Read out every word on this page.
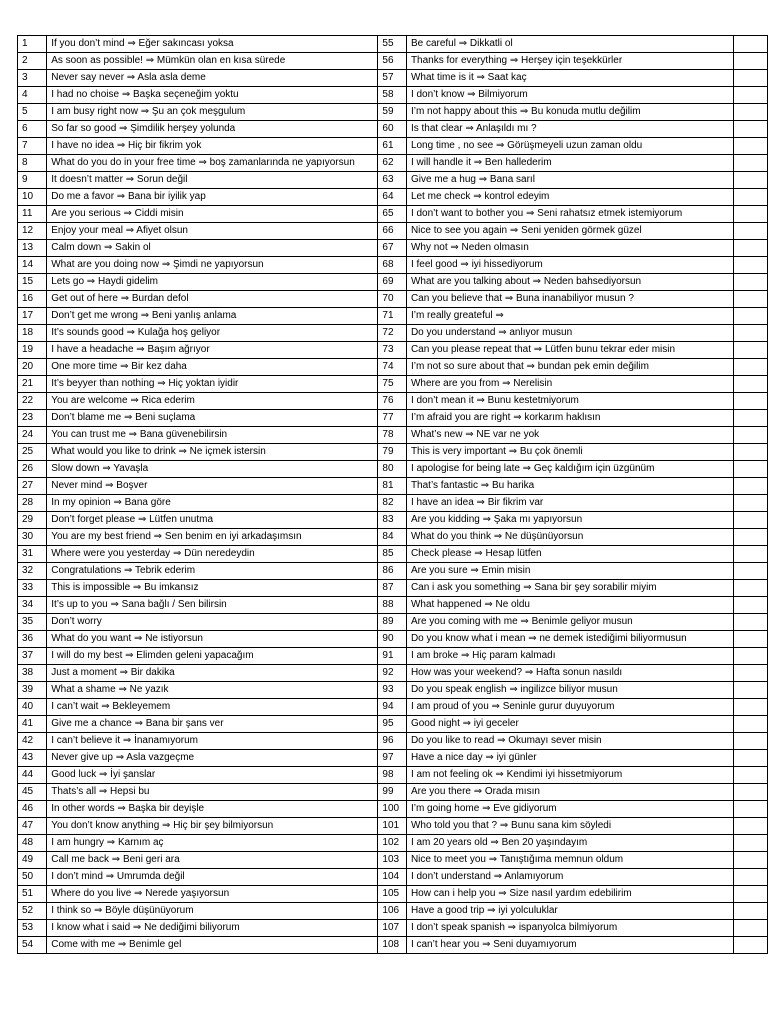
1	If you don’t mind ⇒ Eğer sakıncası yoksa	55	Be careful ⇒ Dikkatli ol	
2	As soon as possible! ⇒ Mümkün olan en kısa sürede	56	Thanks for everything ⇒ Herşey için teşekkürler	
3	Never say never ⇒ Asla asla deme	57	What time is it ⇒ Saat kaç	
4	I had no choise ⇒ Başka seçeneğim yoktu	58	I don’t know ⇒ Bilmiyorum	
5	I am busy right now ⇒ Şu an çok meşgulum	59	I’m not happy about this ⇒ Bu konuda mutlu değilim	
6	So far so good ⇒ Şimdilik herşey yolunda	60	Is that clear ⇒ Anlaşıldı mı ?	
7	I have no idea ⇒ Hiç bir fikrim yok	61	Long time , no see ⇒ Görüşmeyeli uzun zaman oldu	
8	What do you do in your free time ⇒ boş zamanlarında ne yapıyorsun	62	I will handle it ⇒ Ben hallederim	
9	It doesn’t matter ⇒ Sorun değil	63	Give me a hug ⇒ Bana sarıl	
10	Do me a favor ⇒ Bana bir iyilik yap	64	Let me check ⇒ kontrol edeyim	
11	Are you serious ⇒ Ciddi misin	65	I don’t want to bother you ⇒ Seni rahatsız etmek istemiyorum	
12	Enjoy your meal ⇒ Afiyet olsun	66	Nice to see you again ⇒ Seni yeniden görmek güzel	
13	Calm down ⇒ Sakin ol	67	Why not ⇒ Neden olmasın	
14	What are you doing now ⇒ Şimdi ne yapıyorsun	68	I feel good ⇒ iyi hissediyorum	
15	Lets go ⇒ Haydi gidelim	69	What are you talking about ⇒ Neden bahsediyorsun	
16	Get out of here ⇒ Burdan defol	70	Can you believe that ⇒ Buna inanabiliyor musun ?	
17	Don’t get me wrong ⇒ Beni yanlış anlama	71	I’m really greateful ⇒	
18	It’s sounds good ⇒ Kulağa hoş geliyor	72	Do you understand ⇒ anlıyor musun	
19	I have a headache ⇒ Başım ağrıyor	73	Can you please repeat that ⇒ Lütfen bunu tekrar eder misin	
20	One more time ⇒ Bir kez daha	74	I’m not so sure about that ⇒ bundan pek emin değilim	
21	It’s beyyer than nothing ⇒ Hiç yoktan iyidir	75	Where are you from ⇒ Nerelisin	
22	You are welcome ⇒ Rica ederim	76	I don’t mean it ⇒ Bunu kestetmiyorum	
23	Don’t blame me ⇒ Beni suçlama	77	I’m afraid you are right ⇒ korkarım haklısın	
24	You can trust me ⇒ Bana güvenebilirsin	78	What’s new ⇒ NE var ne yok	
25	What would you like to drink ⇒ Ne içmek istersin	79	This is very important ⇒ Bu çok önemli	
26	Slow down ⇒ Yavaşla	80	I apologise for being late ⇒ Geç kaldığım için üzgünüm	
27	Never mind ⇒ Boşver	81	That’s fantastic ⇒ Bu harika	
28	In my opinion ⇒ Bana göre	82	I have an idea ⇒ Bir fikrim var	
29	Don’t forget please ⇒ Lütfen unutma	83	Are you kidding ⇒ Şaka mı yapıyorsun	
30	You are my best friend ⇒ Sen benim en iyi arkadaşımsın	84	What do you think ⇒ Ne düşünüyorsun	
31	Where were you yesterday ⇒ Dün neredeydin	85	Check please ⇒ Hesap lütfen	
32	Congratulations ⇒ Tebrik ederim	86	Are you sure ⇒ Emin misin	
33	This is impossible ⇒ Bu imkansız	87	Can i ask you something ⇒ Sana bir şey sorabilir miyim	
34	It’s up to you ⇒ Sana bağlı / Sen bilirsin	88	What happened ⇒ Ne oldu	
35	Don’t worry	89	Are you coming with me ⇒ Benimle geliyor musun	
36	What do you want ⇒ Ne istiyorsun	90	Do you know what i mean ⇒ ne demek istediğimi biliyormusun	
37	I will do my best ⇒ Elimden geleni yapacağım	91	I am broke ⇒ Hiç param kalmadı	
38	Just a moment ⇒ Bir dakika	92	How was your weekend? ⇒ Hafta sonun nasıldı	
39	What a shame ⇒ Ne yazık	93	Do you speak english ⇒ ingilizce biliyor musun	
40	I can’t wait ⇒ Bekleyemem	94	I am proud of you ⇒ Seninle gurur duyuyorum	
41	Give me a chance ⇒ Bana bir şans ver	95	Good night ⇒ iyi geceler	
42	I can’t believe it ⇒ İnanamıyorum	96	Do you like to read ⇒ Okumayı sever misin	
43	Never give up ⇒ Asla vazgeçme	97	Have a nice day ⇒ iyi günler	
44	Good luck ⇒ İyi şanslar	98	I am not feeling ok ⇒ Kendimi iyi hissetmiyorum	
45	Thats’s all ⇒ Hepsi bu	99	Are you there ⇒ Orada mısın	
46	In other words ⇒ Başka bir deyişle	100	I’m going home ⇒ Eve gidiyorum	
47	You don’t know anything ⇒ Hiç bir şey bilmiyorsun	101	Who told you that ? ⇒ Bunu sana kim söyledi	
48	I am hungry ⇒ Karnım aç	102	I am 20 years old ⇒ Ben 20 yaşındayım	
49	Call me back ⇒ Beni geri ara	103	Nice to meet you ⇒ Tanıştığıma memnun oldum	
50	I don’t mind ⇒ Umrumda değil	104	I don’t understand ⇒ Anlamıyorum	
51	Where do you live ⇒ Nerede yaşıyorsun	105	How can i help you ⇒ Size nasıl yardım edebilirim	
52	I think so ⇒ Böyle düşünüyorum	106	Have a good trip ⇒ iyi yolculuklar	
53	I know what i said ⇒ Ne dediğimi biliyorum	107	I don’t speak spanish ⇒ ispanyolca bilmiyorum	
54	Come with me ⇒ Benimle gel	108	I can’t hear you ⇒ Seni duyamıyorum	
